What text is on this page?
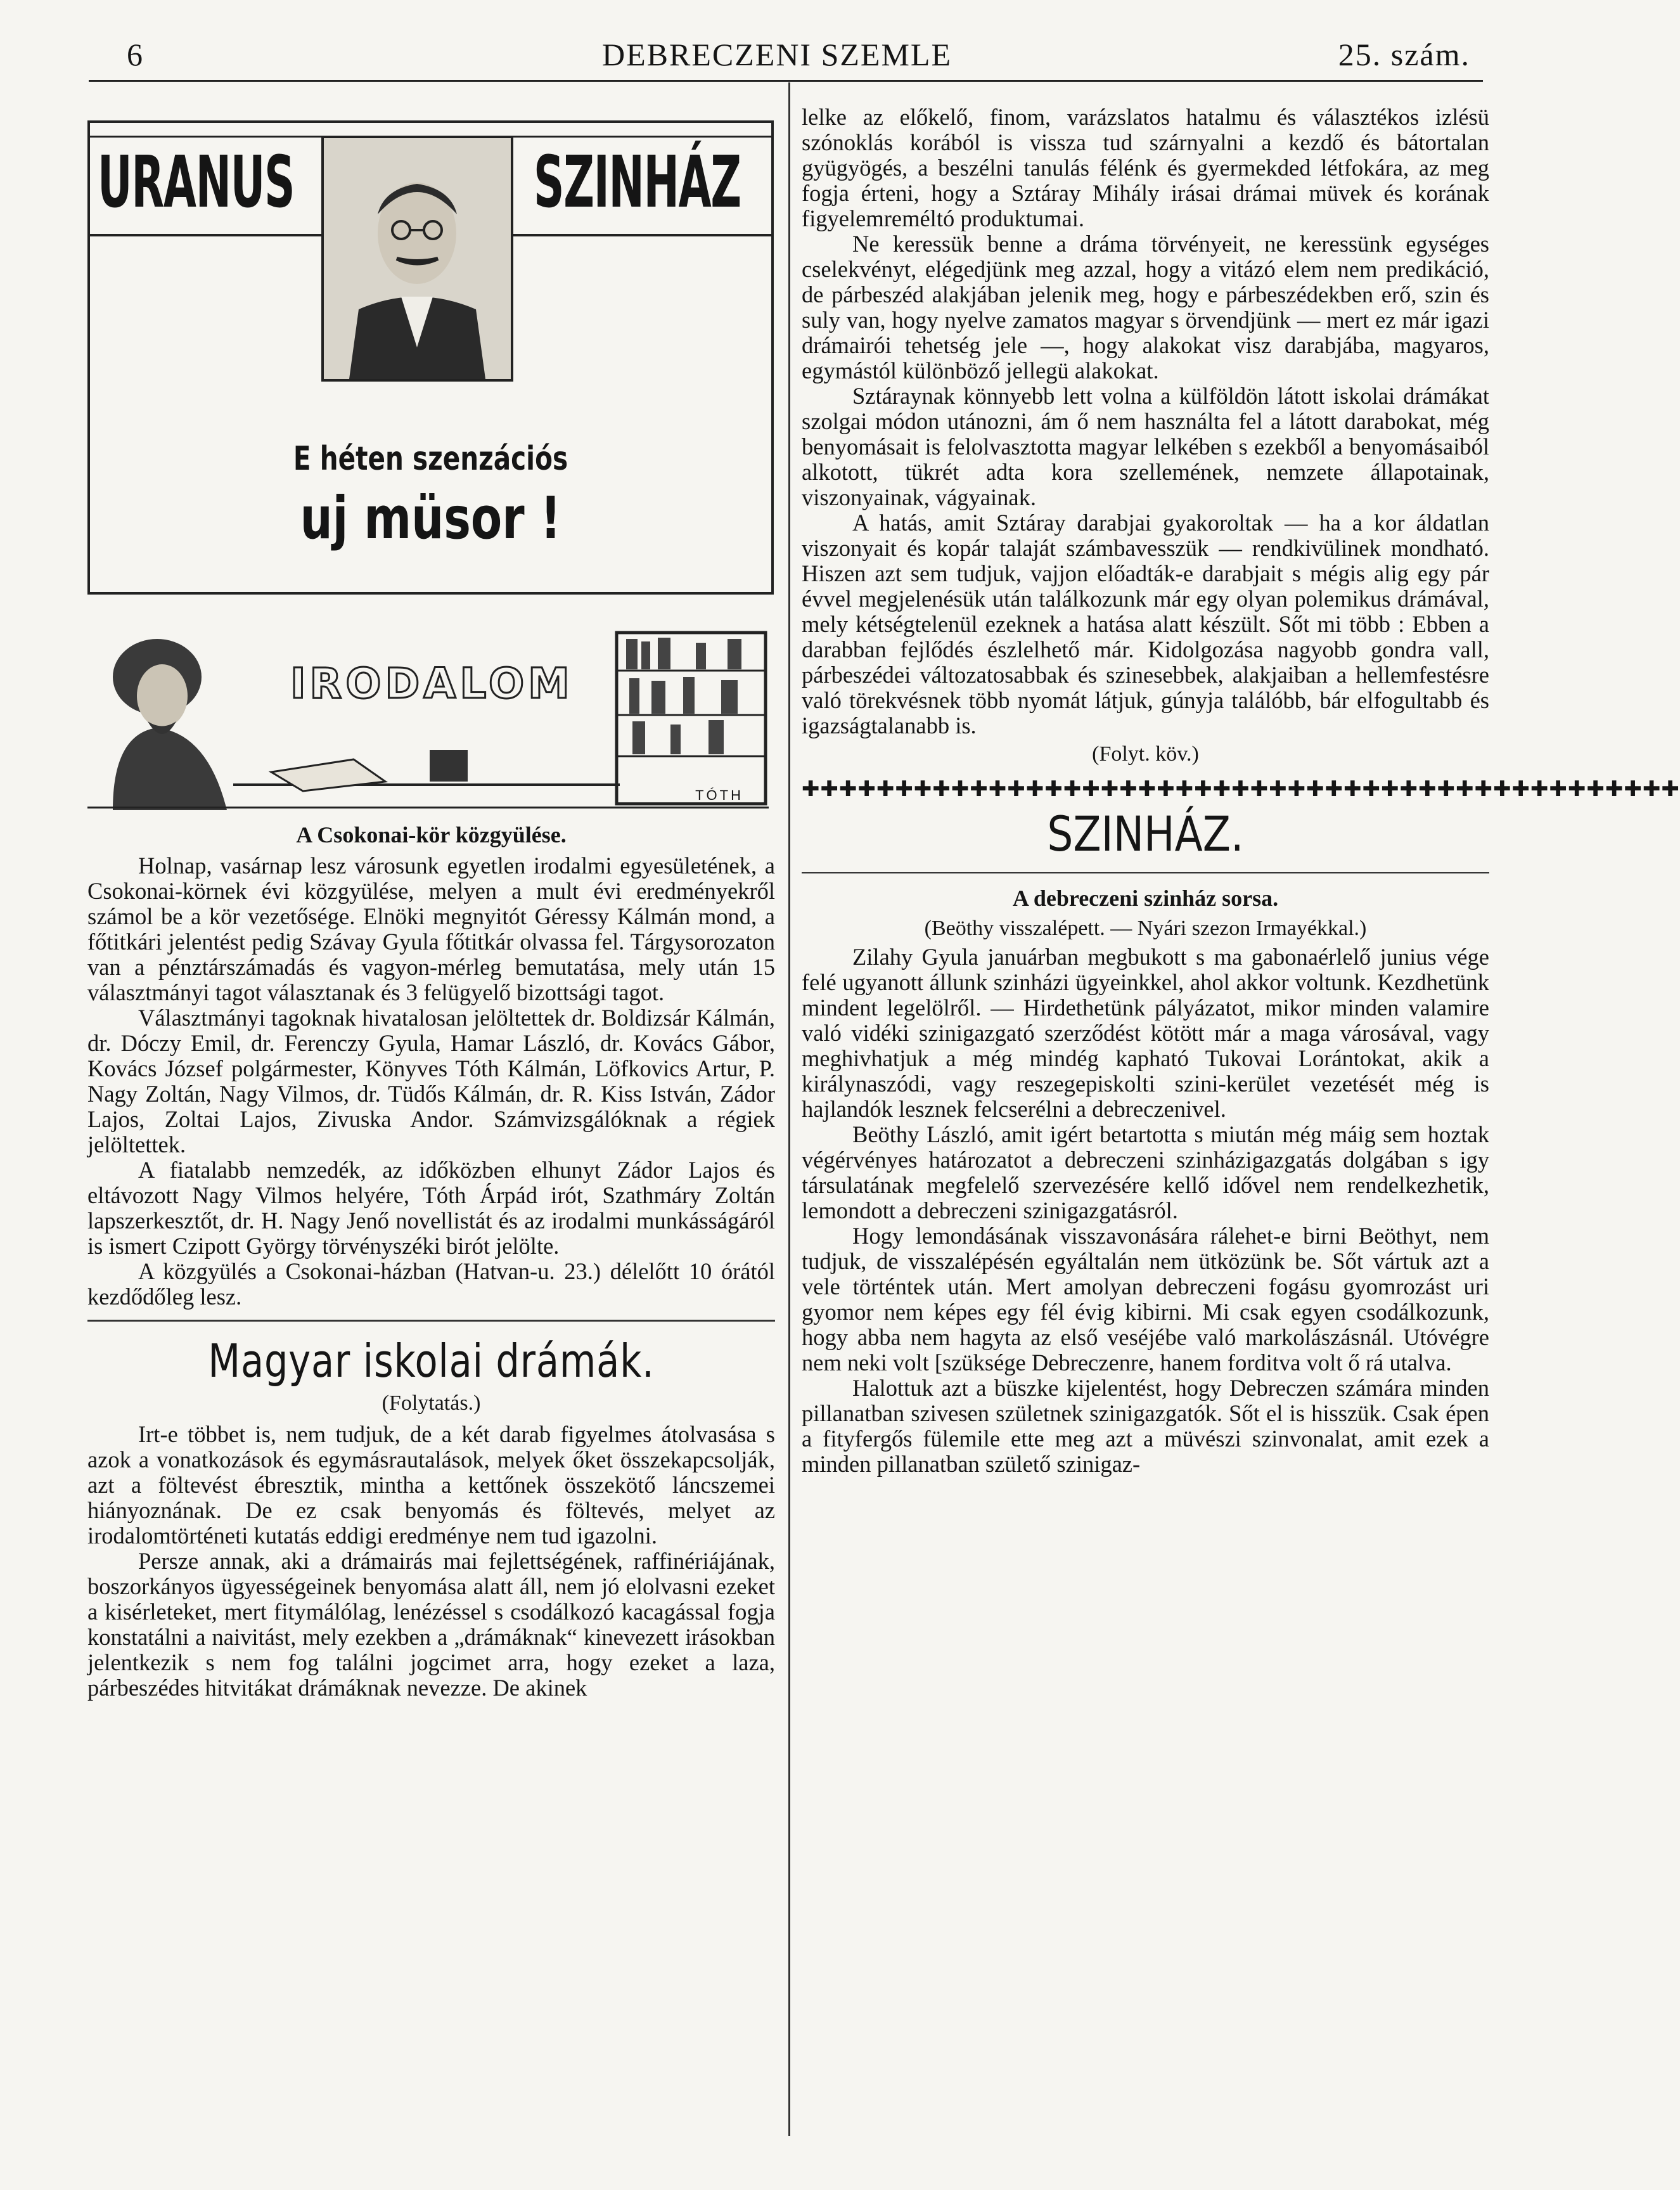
6	DEBRECZENI SZEMLE	25. szám.
URANUS	SZINHÁZ
E héten szenzációs
uj müsor !
IRODALOM
TÓTH
A Csokonai-kör közgyülése.

Holnap, vasárnap lesz városunk egyetlen irodalmi egyesületének, a Csokonai-körnek évi közgyülése, melyen a mult évi eredményekről számol be a kör vezetősége. Elnöki megnyitót Géressy Kálmán mond, a főtitkári jelentést pedig Szávay Gyula főtitkár olvassa fel. Tárgysorozaton van a pénztárszámadás és vagyon-mérleg bemutatása, mely után 15 választmányi tagot választanak és 3 felügyelő bizottsági tagot.

Választmányi tagoknak hivatalosan jelöltettek dr. Boldizsár Kálmán, dr. Dóczy Emil, dr. Ferenczy Gyula, Hamar László, dr. Kovács Gábor, Kovács József polgármester, Könyves Tóth Kálmán, Löfkovics Artur, P. Nagy Zoltán, Nagy Vilmos, dr. Tüdős Kálmán, dr. R. Kiss István, Zádor Lajos, Zoltai Lajos, Zivuska Andor. Számvizsgálóknak a régiek jelöltettek.

A fiatalabb nemzedék, az időközben elhunyt Zádor Lajos és eltávozott Nagy Vilmos helyére, Tóth Árpád irót, Szathmáry Zoltán lapszerkesztőt, dr. H. Nagy Jenő novellistát és az irodalmi munkásságáról is ismert Czipott György törvényszéki birót jelölte.

A közgyülés a Csokonai-házban (Hatvan-u. 23.) délelőtt 10 órától kezdődőleg lesz.

Magyar iskolai drámák.
(Folytatás.)

Irt-e többet is, nem tudjuk, de a két darab figyelmes átolvasása s azok a vonatkozások és egymásrautalások, melyek őket összekapcsolják, azt a föltevést ébresztik, mintha a kettőnek összekötő láncszemei hiányoznának. De ez csak benyomás és föltevés, melyet az irodalomtörténeti kutatás eddigi eredménye nem tud igazolni.

Persze annak, aki a drámairás mai fejlettségének, raffinériájának, boszorkányos ügyességeinek benyomása alatt áll, nem jó elolvasni ezeket a kisérleteket, mert fitymálólag, lenézéssel s csodálkozó kacagással fogja konstatálni a naivitást, mely ezekben a „drámáknak“ kinevezett irásokban jelentkezik s nem fog találni jogcimet arra, hogy ezeket a laza, párbeszédes hitvitákat drámáknak nevezze. De akinek

lelke az előkelő, finom, varázslatos hatalmu és választékos izlésü szónoklás korából is vissza tud szárnyalni a kezdő és bátortalan gyügyögés, a beszélni tanulás félénk és gyermekded létfokára, az meg fogja érteni, hogy a Sztáray Mihály irásai drámai müvek és korának figyelemreméltó produktumai.

Ne keressük benne a dráma törvényeit, ne keressünk egységes cselekvényt, elégedjünk meg azzal, hogy a vitázó elem nem predikáció, de párbeszéd alakjában jelenik meg, hogy e párbeszédekben erő, szin és suly van, hogy nyelve zamatos magyar s örvendjünk — mert ez már igazi drámairói tehetség jele —, hogy alakokat visz darabjába, magyaros, egymástól különböző jellegü alakokat.

Sztáraynak könnyebb lett volna a külföldön látott iskolai drámákat szolgai módon utánozni, ám ő nem használta fel a látott darabokat, még benyomásait is felolvasztotta magyar lelkében s ezekből a benyomásaiból alkotott, tükrét adta kora szellemének, nemzete állapotainak, viszonyainak, vágyainak.

A hatás, amit Sztáray darabjai gyakoroltak — ha a kor áldatlan viszonyait és kopár talaját számbavesszük — rendkivülinek mondható. Hiszen azt sem tudjuk, vajjon előadták-e darabjait s mégis alig egy pár évvel megjelenésük után találkozunk már egy olyan polemikus drámával, mely kétségtelenül ezeknek a hatása alatt készült. Sőt mi több : Ebben a darabban fejlődés észlelhető már. Kidolgozása nagyobb gondra vall, párbeszédei változatosabbak és szinesebbek, alakjaiban a hellemfestésre való törekvésnek több nyomát látjuk, gúnyja találóbb, bár elfogultabb és igazságtalanabb is.

(Folyt. köv.)
✚✚✚✚✚✚✚✚✚✚✚✚✚✚✚✚✚✚✚✚✚✚✚✚✚✚✚✚✚✚✚✚✚✚✚✚✚✚✚✚✚✚✚✚✚✚✚
SZINHÁZ.
A debreczeni szinház sorsa.
(Beöthy visszalépett. — Nyári szezon Irmayékkal.)

Zilahy Gyula januárban megbukott s ma gabonaérlelő junius vége felé ugyanott állunk szinházi ügyeinkkel, ahol akkor voltunk. Kezdhetünk mindent legelölről. — Hirdethetünk pályázatot, mikor minden valamire való vidéki szinigazgató szerződést kötött már a maga városával, vagy meghivhatjuk a még mindég kapható Tukovai Lorántokat, akik a királynaszódi, vagy reszegepiskolti szini-kerület vezetését még is hajlandók lesznek felcserélni a debreczenivel.

Beöthy László, amit igért betartotta s miután még máig sem hoztak végérvényes határozatot a debreczeni szinházigazgatás dolgában s igy társulatának megfelelő szervezésére kellő idővel nem rendelkezhetik, lemondott a debreczeni szinigazgatásról.

Hogy lemondásának visszavonására rálehet-e birni Beöthyt, nem tudjuk, de visszalépésén egyáltalán nem ütközünk be. Sőt vártuk azt a vele történtek után. Mert amolyan debreczeni fogásu gyomrozást uri gyomor nem képes egy fél évig kibirni. Mi csak egyen csodálkozunk, hogy abba nem hagyta az első veséjébe való markolászásnál. Utóvégre nem neki volt [szüksége Debreczenre, hanem forditva volt ő rá utalva.

Halottuk azt a büszke kijelentést, hogy Debreczen számára minden pillanatban szivesen születnek szinigazgatók. Sőt el is hisszük. Csak épen a fityfergős fülemile ette meg azt a müvészi szinvonalat, amit ezek a minden pillanatban születő szinigaz-
